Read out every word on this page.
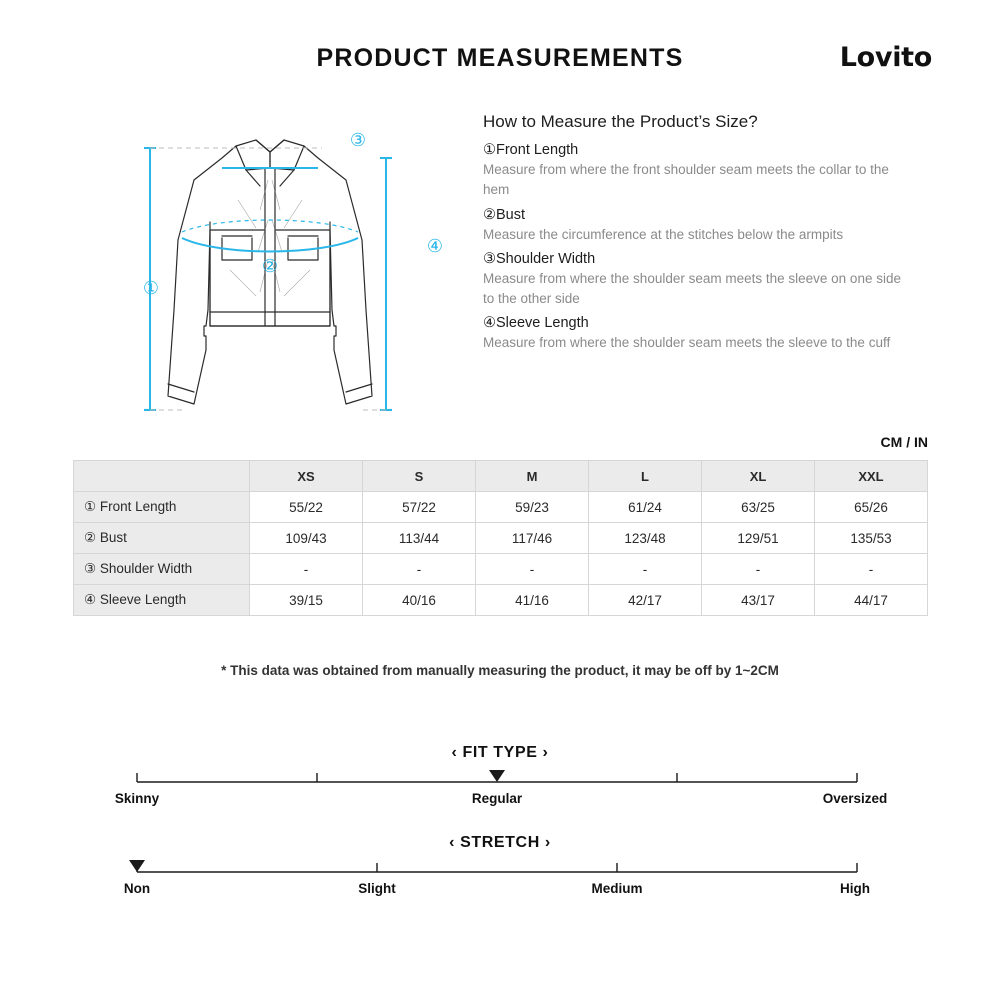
PRODUCT MEASUREMENTS	Lovito
①
②
③
④
How to Measure the Product’s Size?
①Front Length
Measure from where the front shoulder seam meets the collar to the hem
②Bust
Measure the circumference at the stitches below the armpits
③Shoulder Width
Measure from where the shoulder seam meets the sleeve on one side to the other side
④Sleeve Length
Measure from where the shoulder seam meets the sleeve to the cuff
CM / IN
	XS	S	M	L	XL	XXL
① Front Length	55/22	57/22	59/23	61/24	63/25	65/26
② Bust	109/43	113/44	117/46	123/48	129/51	135/53
③ Shoulder Width	-	-	-	-	-	-
④ Sleeve Length	39/15	40/16	41/16	42/17	43/17	44/17
* This data was obtained from manually measuring the product, it may be off by 1~2CM
‹ FIT TYPE ›
Skinny	Regular	Oversized
‹ STRETCH ›
Non	Slight	Medium	High
